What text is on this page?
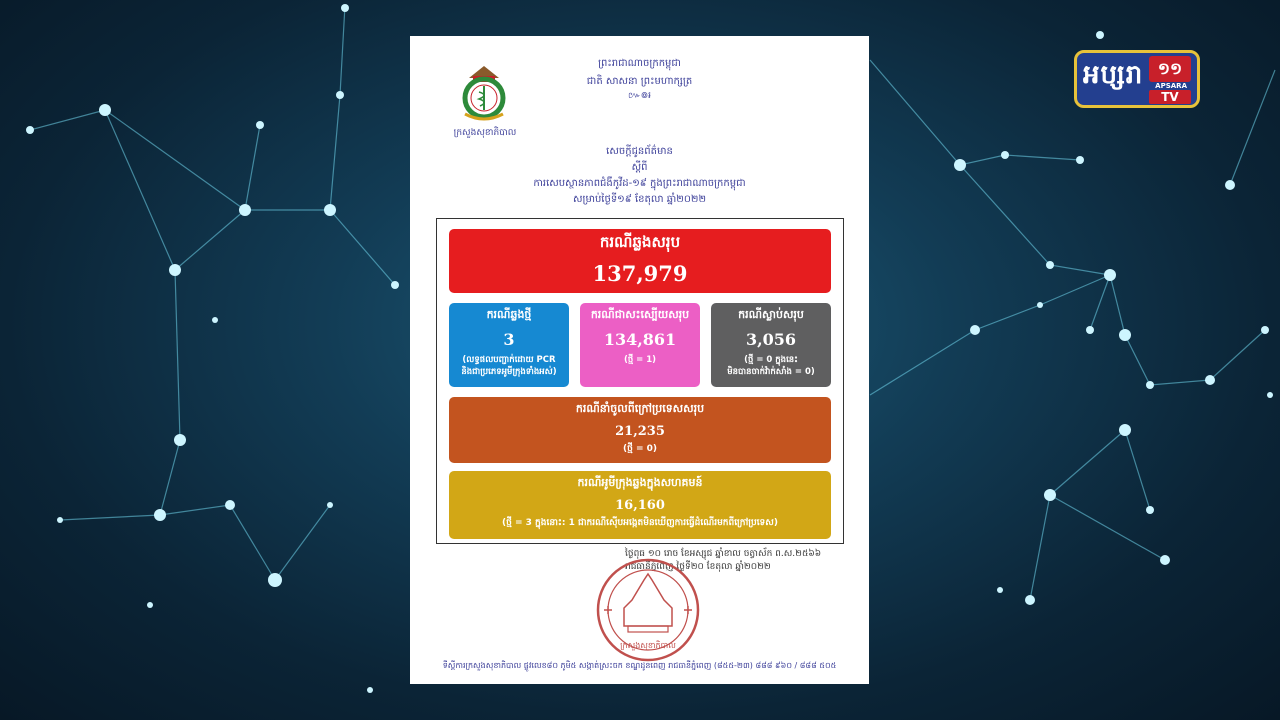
អប្សរា ១១
APSARA
TV
ព្រះរាជាណាចក្រកម្ពុជា
ជាតិ សាសនា ព្រះមហាក្សត្រ
៚៙៛
ក្រសួងសុខាភិបាល
សេចក្តីជូនព័ត៌មាន
ស្តីពី
ការសេបស្ថានភាពជំងឺកូវីដ-១៩ ក្នុងព្រះរាជាណាចក្រកម្ពុជា
សម្រាប់ថ្ងៃទី១៩ ខែតុលា ឆ្នាំ២០២២
ករណីឆ្លងសរុប
137,979
ករណីឆ្លងថ្មី
3
(លទ្ធផលបញ្ជាក់ដោយ PCR
និងជាប្រភេទអូមីក្រុងទាំងអស់)
ករណីជាសះស្បើយសរុប
134,861
(ថ្មី = 1)
ករណីស្លាប់សរុប
3,056
(ថ្មី = 0 ក្នុងនេះ
មិនបានចាក់វ៉ាក់សាំង = 0)
ករណីនាំចូលពីក្រៅប្រទេសសរុប
21,235
(ថ្មី = 0)
ករណីអូមីក្រុងឆ្លងក្នុងសហគមន៍
16,160
(ថ្មី = 3 ក្នុងនោះ: 1 ជាករណីស៊ើបអង្កេតមិនឃើញការធ្វើដំណើរមកពីក្រៅប្រទេស)
ថ្ងៃពុធ ១០ រោច ខែអស្សុជ ឆ្នាំខាល ចត្វាស័ក ព.ស.២៥៦៦
រាជធានីភ្នំពេញ ថ្ងៃទី២០ ខែតុលា ឆ្នាំ២០២២
ក្រសួងសុខាភិបាល
ទីស្តីការក្រសួងសុខាភិបាល ផ្លូវលេខ៨០ ភូមិ៥ សង្កាត់ស្រះចក ខណ្ឌដូនពេញ រាជធានីភ្នំពេញ (៨៥៥-២៣) ៨៨៨ ៩៦០ / ៨៨៨ ៥០៥
